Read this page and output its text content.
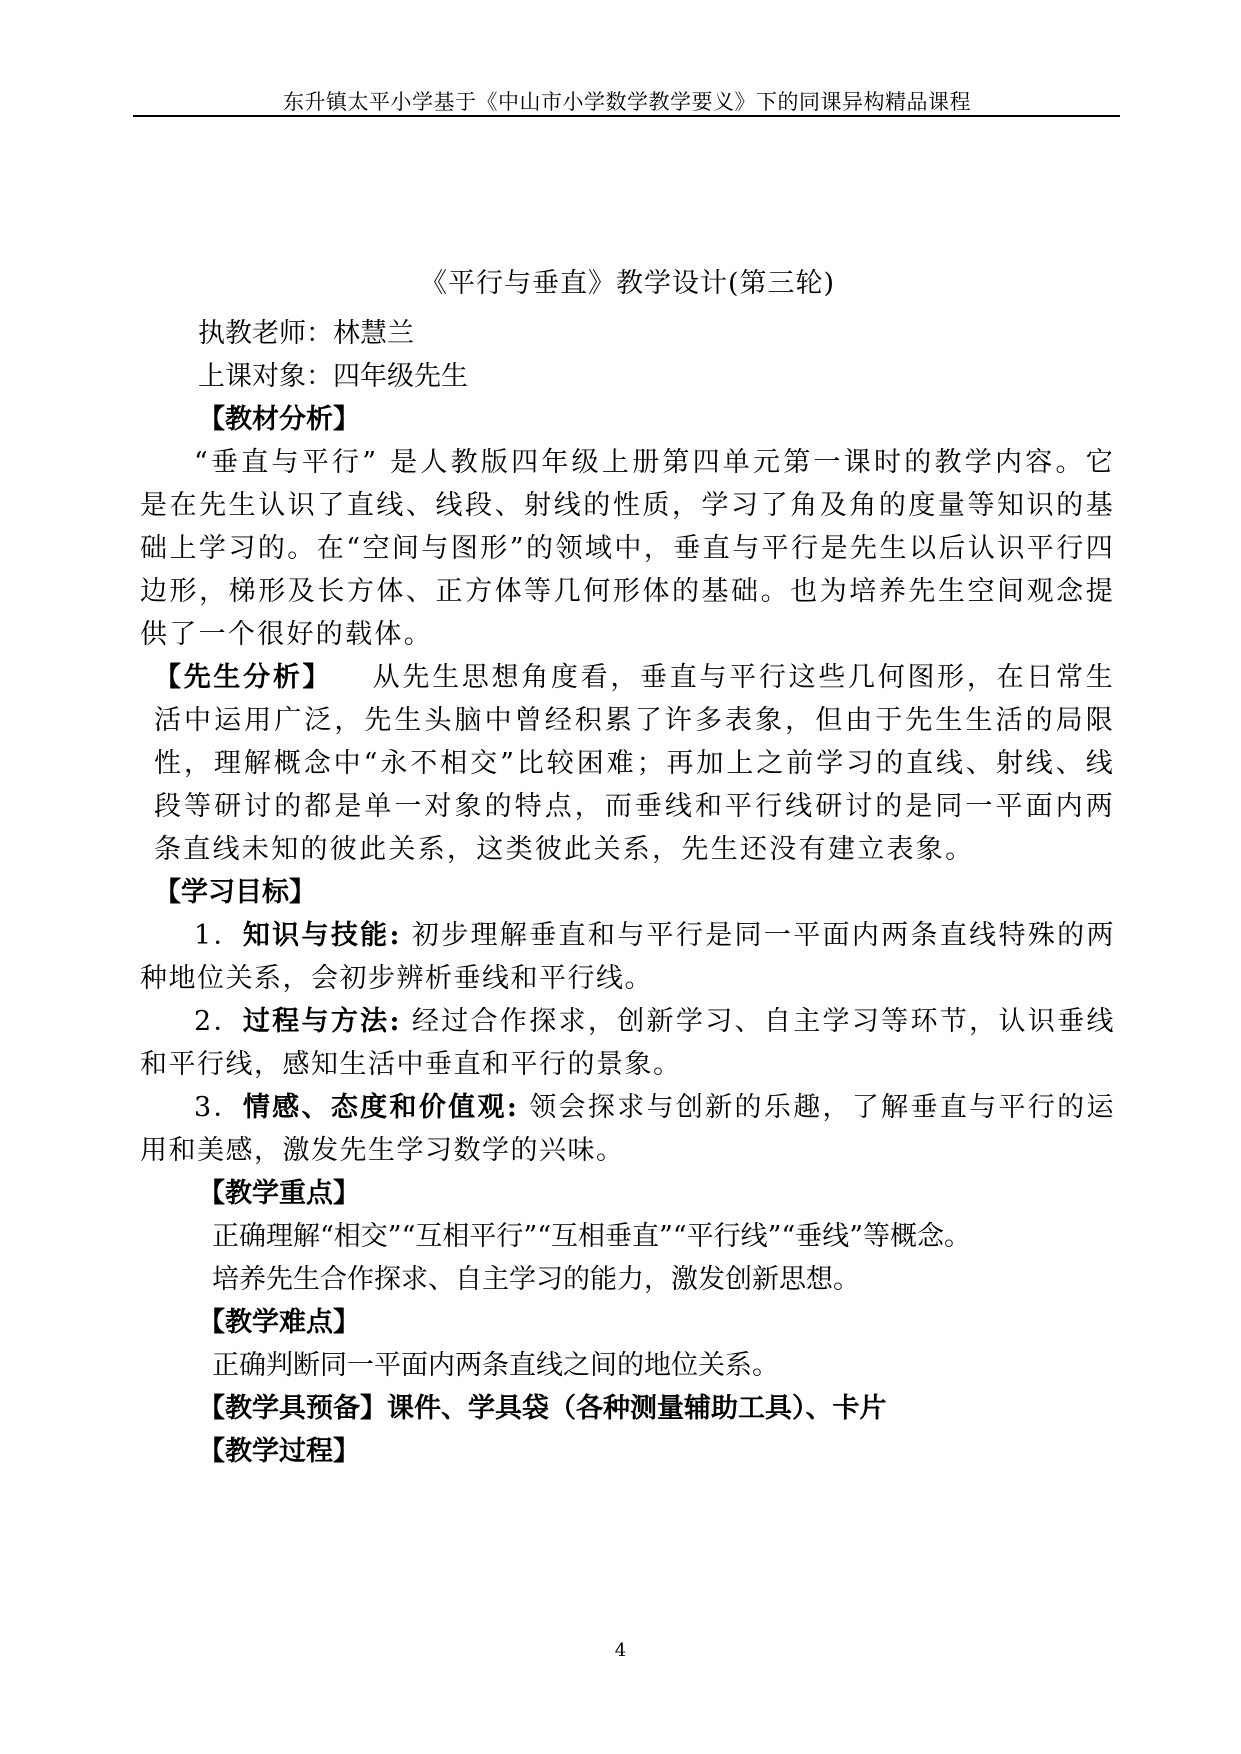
东升镇太平小学基于《中山市小学数学教学要义》下的同课异构精品课程

《平行与垂直》教学设计(第三轮)

执教老师：林慧兰

上课对象：四年级先生

【教材分析】

“垂直与平行” 是人教版四年级上册第四单元第一课时的教学内容。它是在先生认识了直线、线段、射线的性质，学习了角及角的度量等知识的基础上学习的。在“空间与图形”的领域中，垂直与平行是先生以后认识平行四边形，梯形及长方体、正方体等几何形体的基础。也为培养先生空间观念提供了一个很好的载体。

【先生分析】 从先生思想角度看，垂直与平行这些几何图形，在日常生活中运用广泛，先生头脑中曾经积累了许多表象，但由于先生生活的局限性，理解概念中“永不相交”比较困难；再加上之前学习的直线、射线、线段等研讨的都是单一对象的特点，而垂线和平行线研讨的是同一平面内两条直线未知的彼此关系，这类彼此关系，先生还没有建立表象。

【学习目标】

1．知识与技能: 初步理解垂直和与平行是同一平面内两条直线特殊的两种地位关系，会初步辨析垂线和平行线。

2．过程与方法: 经过合作探求，创新学习、自主学习等环节，认识垂线和平行线，感知生活中垂直和平行的景象。

3．情感、态度和价值观: 领会探求与创新的乐趣，了解垂直与平行的运用和美感，激发先生学习数学的兴味。

【教学重点】

正确理解“相交”“互相平行”“互相垂直”“平行线”“垂线”等概念。

培养先生合作探求、自主学习的能力，激发创新思想。

【教学难点】

正确判断同一平面内两条直线之间的地位关系。

【教学具预备】课件、学具袋（各种测量辅助工具）、卡片

【教学过程】

4
